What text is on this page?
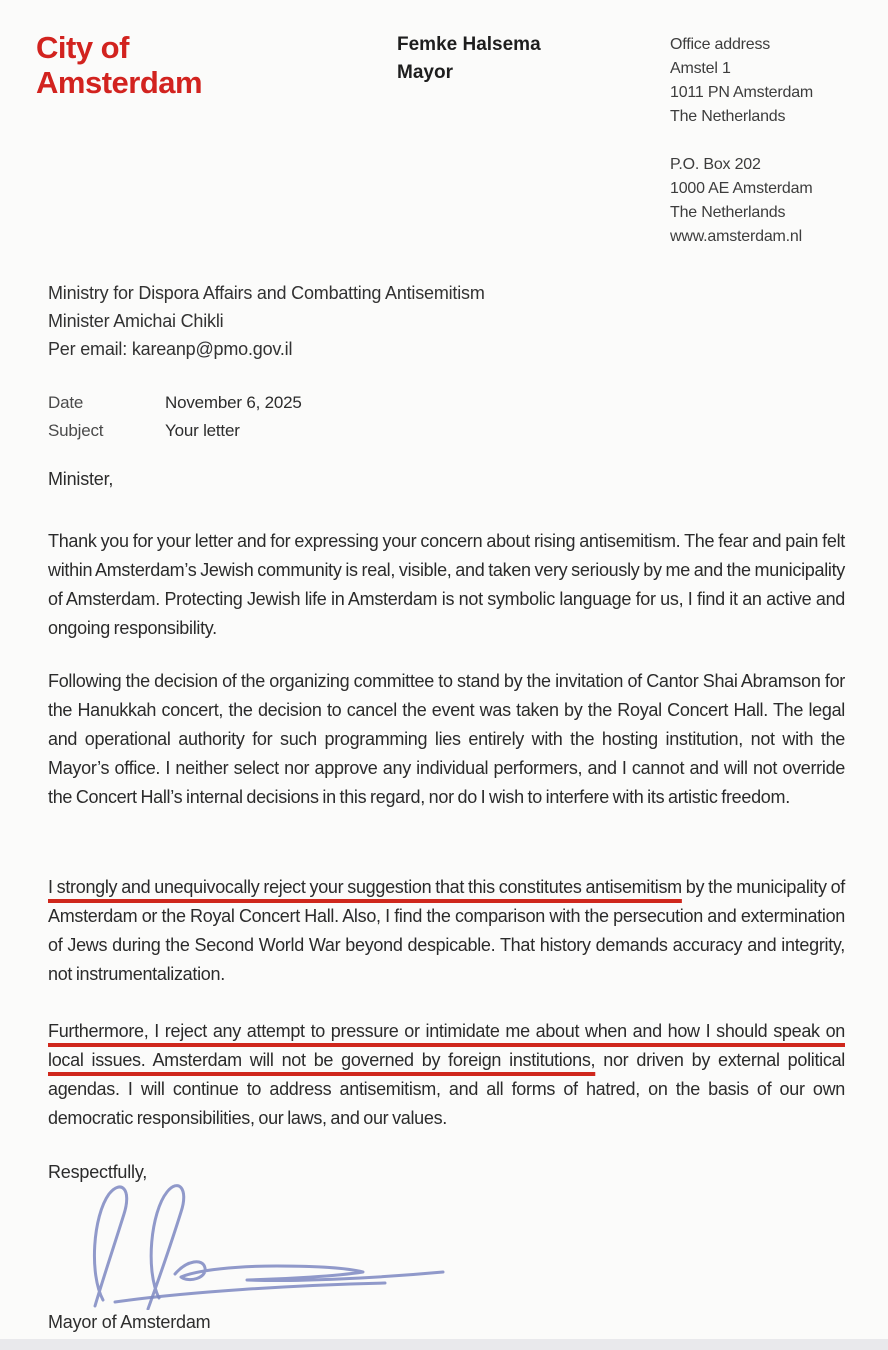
City of
Amsterdam
Femke Halsema
Mayor
Office address
Amstel 1
1011 PN Amsterdam
The Netherlands
P.O. Box 202
1000 AE Amsterdam
The Netherlands
www.amsterdam.nl
Ministry for Dispora Affairs and Combatting Antisemitism
Minister Amichai Chikli
Per email: kareanp@pmo.gov.il
Date	November 6, 2025
Subject	Your letter

Minister,

Thank you for your letter and for expressing your concern about rising antisemitism. The fear and pain felt within Amsterdam’s Jewish community is real, visible, and taken very seriously by me and the municipality of Amsterdam. Protecting Jewish life in Amsterdam is not symbolic language for us, I find it an active and ongoing responsibility.

Following the decision of the organizing committee to stand by the invitation of Cantor Shai Abramson for the Hanukkah concert, the decision to cancel the event was taken by the Royal Concert Hall. The legal and operational authority for such programming lies entirely with the hosting institution, not with the Mayor’s office. I neither select nor approve any individual performers, and I cannot and will not override the Concert Hall’s internal decisions in this regard, nor do I wish to interfere with its artistic freedom.

I strongly and unequivocally reject your suggestion that this constitutes antisemitism by the municipality of Amsterdam or the Royal Concert Hall. Also, I find the comparison with the persecution and extermination of Jews during the Second World War beyond despicable. That history demands accuracy and integrity, not instrumentalization.

Furthermore, I reject any attempt to pressure or intimidate me about when and how I should speak on local issues. Amsterdam will not be governed by foreign institutions, nor driven by external political agendas. I will continue to address antisemitism, and all forms of hatred, on the basis of our own democratic responsibilities, our laws, and our values.

Respectfully,

Mayor of Amsterdam
